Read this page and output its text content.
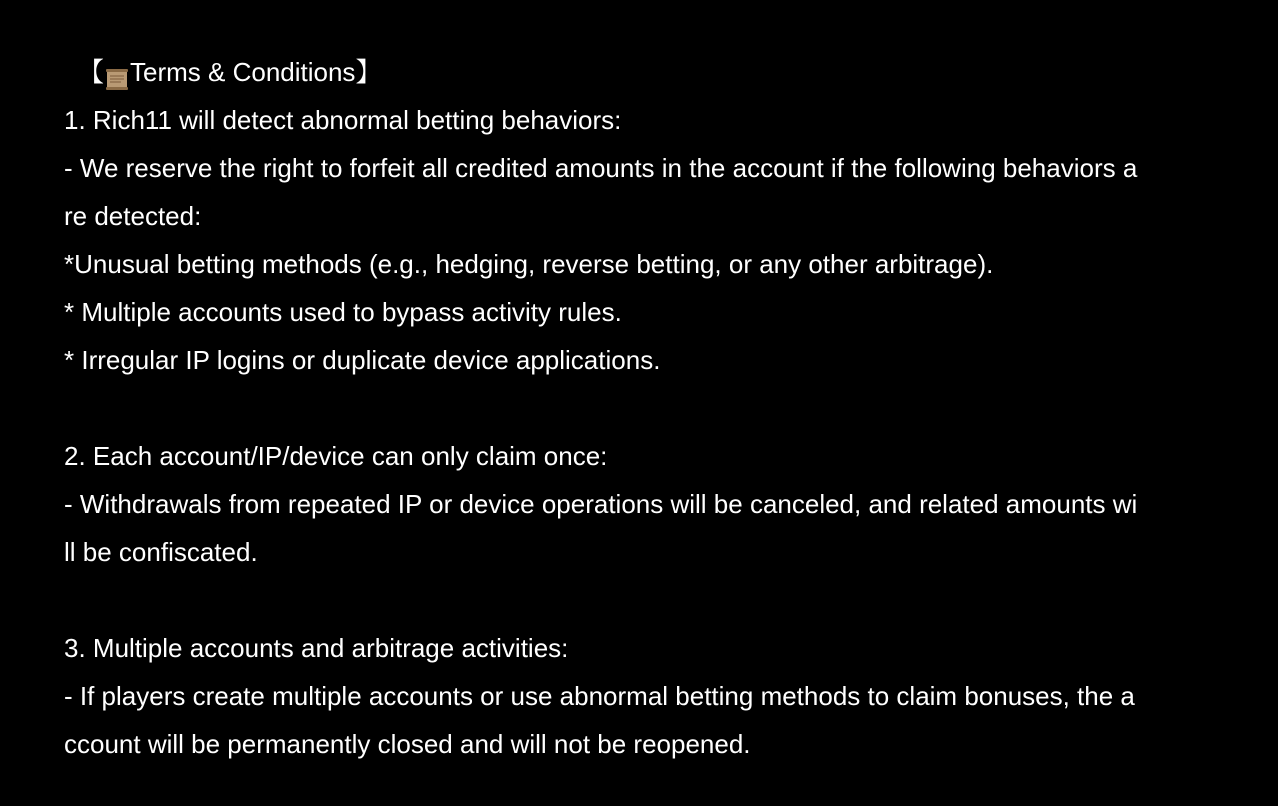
【 Terms & Conditions 】
1. Rich11 will detect abnormal betting behaviors:
- We reserve the right to forfeit all credited amounts in the account if the following behaviors a
re detected:
*Unusual betting methods (e.g., hedging, reverse betting, or any other arbitrage).
* Multiple accounts used to bypass activity rules.
* Irregular IP logins or duplicate device applications.
2. Each account/IP/device can only claim once:
- Withdrawals from repeated IP or device operations will be canceled, and related amounts wi
ll be confiscated.
3. Multiple accounts and arbitrage activities:
- If players create multiple accounts or use abnormal betting methods to claim bonuses, the a
ccount will be permanently closed and will not be reopened.
